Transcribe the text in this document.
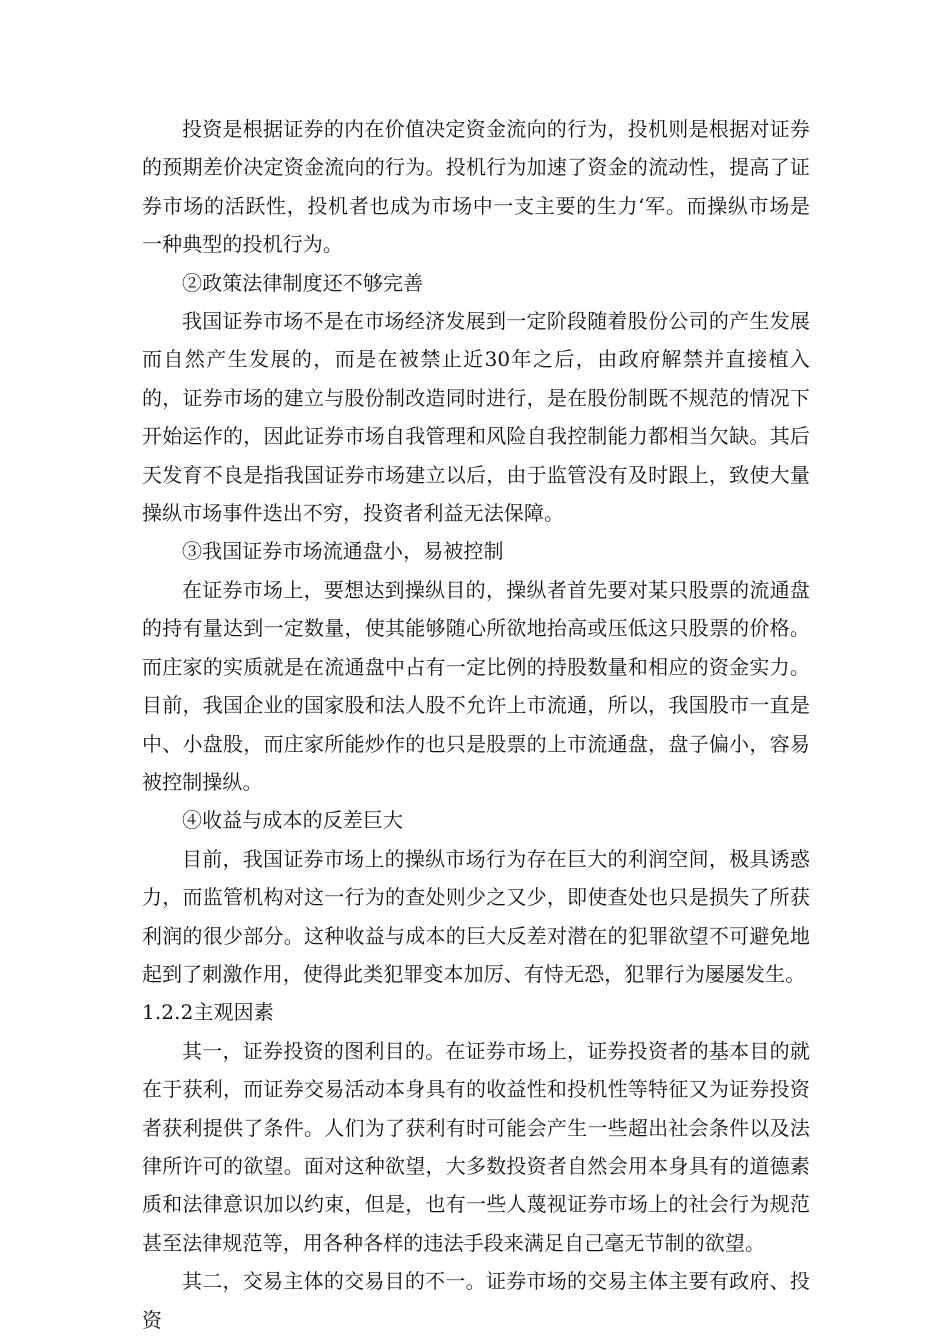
投资是根据证券的内在价值决定资金流向的行为，投机则是根据对证券的预期差价决定资金流向的行为。投机行为加速了资金的流动性，提高了证券市场的活跃性，投机者也成为市场中一支主要的生力‘军。而操纵市场是一种典型的投机行为。

②政策法律制度还不够完善

我国证券市场不是在市场经济发展到一定阶段随着股份公司的产生发展而自然产生发展的，而是在被禁止近30年之后，由政府解禁并直接植入的，证券市场的建立与股份制改造同时进行，是在股份制既不规范的情况下开始运作的，因此证券市场自我管理和风险自我控制能力都相当欠缺。其后天发育不良是指我国证券市场建立以后，由于监管没有及时跟上，致使大量操纵市场事件迭出不穷，投资者利益无法保障。

③我国证券市场流通盘小，易被控制

在证券市场上，要想达到操纵目的，操纵者首先要对某只股票的流通盘的持有量达到一定数量，使其能够随心所欲地抬高或压低这只股票的价格。而庄家的实质就是在流通盘中占有一定比例的持股数量和相应的资金实力。目前，我国企业的国家股和法人股不允许上市流通，所以，我国股市一直是中、小盘股，而庄家所能炒作的也只是股票的上市流通盘，盘子偏小，容易被控制操纵。

④收益与成本的反差巨大

目前，我国证券市场上的操纵市场行为存在巨大的利润空间，极具诱惑力，而监管机构对这一行为的查处则少之又少，即使查处也只是损失了所获利润的很少部分。这种收益与成本的巨大反差对潜在的犯罪欲望不可避免地起到了刺激作用，使得此类犯罪变本加厉、有恃无恐，犯罪行为屡屡发生。

1.2.2主观因素

其一，证券投资的图利目的。在证券市场上，证券投资者的基本目的就在于获利，而证券交易活动本身具有的收益性和投机性等特征又为证券投资者获利提供了条件。人们为了获利有时可能会产生一些超出社会条件以及法律所许可的欲望。面对这种欲望，大多数投资者自然会用本身具有的道德素质和法律意识加以约束，但是，也有一些人蔑视证券市场上的社会行为规范甚至法律规范等，用各种各样的违法手段来满足自己毫无节制的欲望。

其二，交易主体的交易目的不一。证券市场的交易主体主要有政府、投资
